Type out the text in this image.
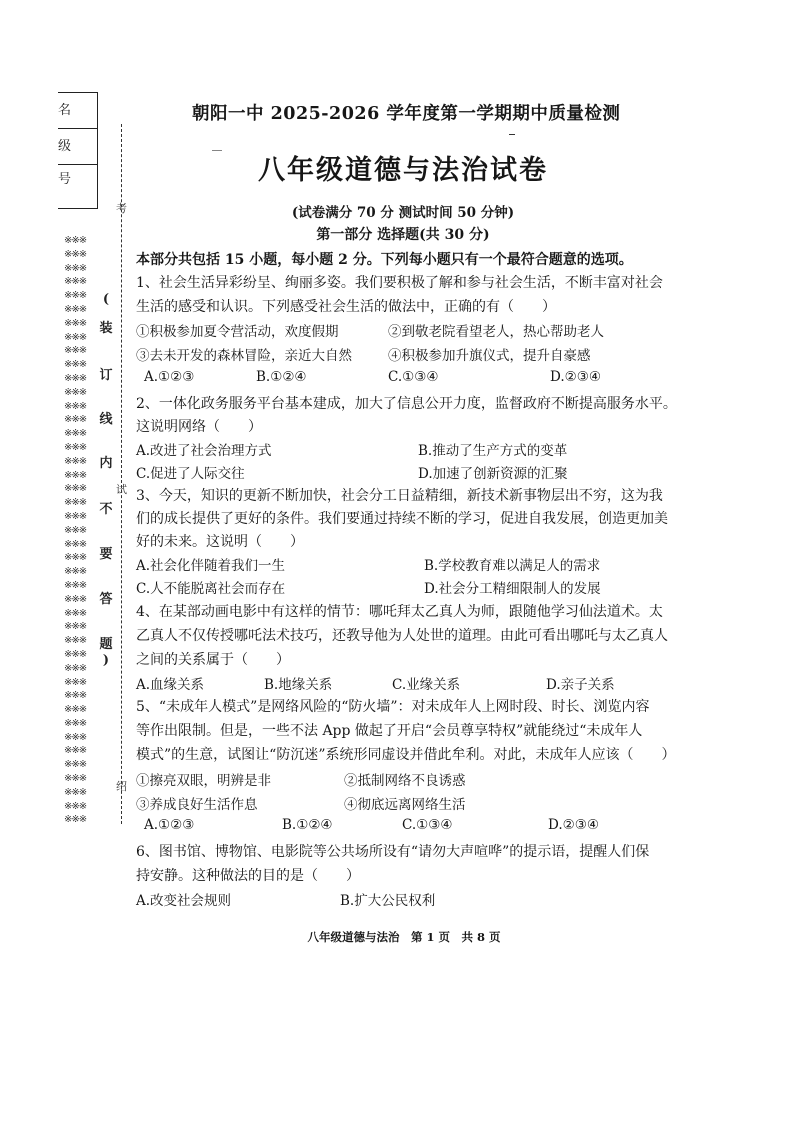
名
级
号
考
试
绍
(
装
订
线
内
不
要
答
题
)
※※※
※※※
※※※
※※※
※※※
※※※
※※※
※※※
※※※
※※※
※※※
※※※
※※※
※※※
※※※
※※※
※※※
※※※
※※※
※※※
※※※
※※※
※※※
※※※
※※※
※※※
※※※
※※※
※※※
※※※
※※※
※※※
※※※
※※※
※※※
※※※
※※※
※※※
※※※
※※※
※※※
※※※
※※※
朝阳一中 2025-2026 学年度第一学期期中质量检测
八年级道德与法治试卷
(试卷满分 70 分 测试时间 50 分钟)
第一部分 选择题(共 30 分)
本部分共包括 15 小题，每小题 2 分。下列每小题只有一个最符合题意的选项。
1、社会生活异彩纷呈、绚丽多姿。我们要积极了解和参与社会生活，不断丰富对社会
生活的感受和认识。下列感受社会生活的做法中，正确的有（　　）
①积极参加夏令营活动，欢度假期	②到敬老院看望老人，热心帮助老人
③去未开发的森林冒险，亲近大自然	④积极参加升旗仪式，提升自豪感
A.①②③	B.①②④	C.①③④	D.②③④
2、一体化政务服务平台基本建成，加大了信息公开力度，监督政府不断提高服务水平。
这说明网络（　　）
A.改进了社会治理方式	B.推动了生产方式的变革
C.促进了人际交往	D.加速了创新资源的汇聚
3、今天，知识的更新不断加快，社会分工日益精细，新技术新事物层出不穷，这为我
们的成长提供了更好的条件。我们要通过持续不断的学习，促进自我发展，创造更加美
好的未来。这说明（　　）
A.社会化伴随着我们一生	B.学校教育难以满足人的需求
C.人不能脱离社会而存在	D.社会分工精细限制人的发展
4、在某部动画电影中有这样的情节：哪吒拜太乙真人为师，跟随他学习仙法道术。太
乙真人不仅传授哪吒法术技巧，还教导他为人处世的道理。由此可看出哪吒与太乙真人
之间的关系属于（　　）
A.血缘关系	B.地缘关系	C.业缘关系	D.亲子关系
5、“未成年人模式”是网络风险的“防火墙”：对未成年人上网时段、时长、浏览内容
等作出限制。但是，一些不法 App 做起了开启“会员尊享特权”就能绕过“未成年人
模式”的生意，试图让“防沉迷”系统形同虚设并借此牟利。对此，未成年人应该（　　）
①擦亮双眼，明辨是非	②抵制网络不良诱惑
③养成良好生活作息	④彻底远离网络生活
A.①②③	B.①②④	C.①③④	D.②③④
6、图书馆、博物馆、电影院等公共场所设有“请勿大声喧哗”的提示语，提醒人们保
持安静。这种做法的目的是（　　）
A.改变社会规则	B.扩大公民权利
八年级道德与法治　第 1 页　共 8 页
